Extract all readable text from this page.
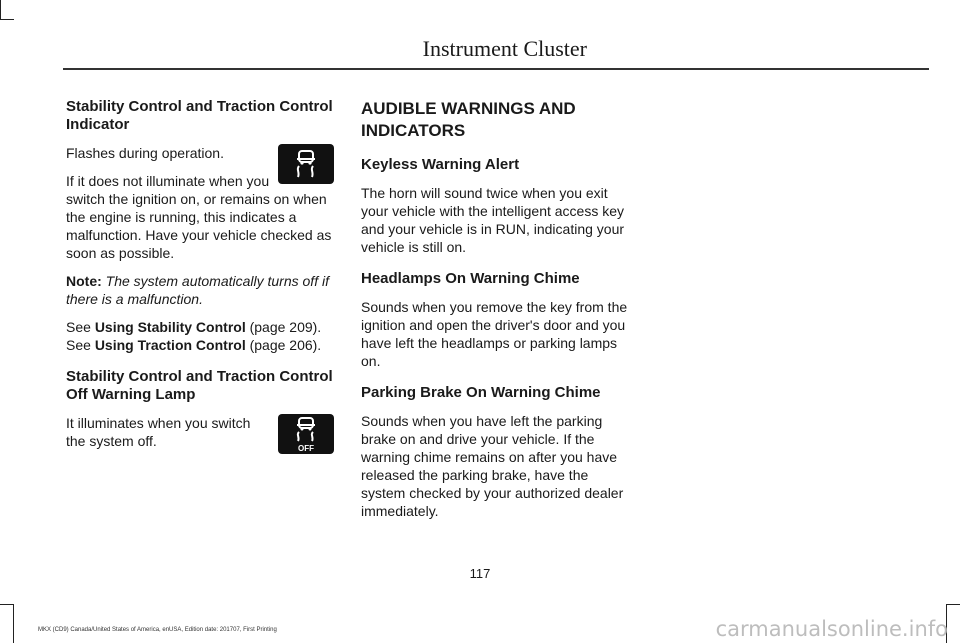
Instrument Cluster
Stability Control and Traction Control Indicator

Flashes during operation.

If it does not illuminate when you switch the ignition on, or remains on when the engine is running, this indicates a malfunction. Have your vehicle checked as soon as possible.

Note: The system automatically turns off if there is a malfunction.

See Using Stability Control (page 209). See Using Traction Control (page 206).

Stability Control and Traction Control Off Warning Lamp
OFF

It illuminates when you switch the system off.

AUDIBLE WARNINGS AND
INDICATORS
Keyless Warning Alert

The horn will sound twice when you exit your vehicle with the intelligent access key and your vehicle is in RUN, indicating your vehicle is still on.

Headlamps On Warning Chime

Sounds when you remove the key from the ignition and open the driver's door and you have left the headlamps or parking lamps on.

Parking Brake On Warning Chime

Sounds when you have left the parking brake on and drive your vehicle. If the warning chime remains on after you have released the parking brake, have the system checked by your authorized dealer immediately.

117
MKX (CD9) Canada/United States of America, enUSA, Edition date: 201707, First Printing	carmanualsonline.info
